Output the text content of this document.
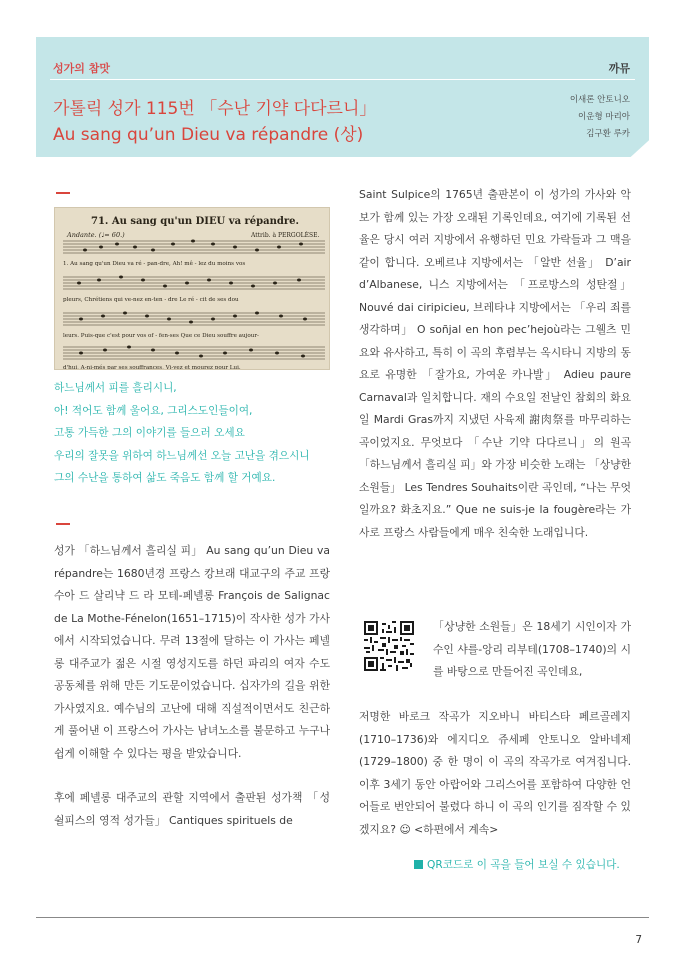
성가의 참맛	까뮤
가톨릭 성가 115번 「수난 기약 다다르니」
Au sang qu’un Dieu va répandre (상)
이새론 안토니오
이운형 마리아
김구환 루카
71. Au sang qu'un DIEU va répandre.
Andante. (♩= 60.)	Attrib. à PERGOLÈSE.
1. Au sang qu'un Dieu va ré - pan-dre, Ah! mê - lez du moins vos
pleurs, Chrétiens qui ve-nez en-ten - dre Le ré - cit de ses dou
leurs. Puis-que c'est pour vos of - fen-ses Que ce Dieu souffre aujour-
d'hui, A-ni-més par ses souffrances, Vi-vez et mourez pour Lui.
하느님께서 피를 흘리시니,
아! 적어도 함께 울어요, 그리스도인들이여,
고통 가득한 그의 이야기를 들으러 오세요
우리의 잘못을 위하여 하느님께선 오늘 고난을 겪으시니
그의 수난을 통하여 삶도 죽음도 함께 할 거예요.

성가 「하느님께서 흘리실 피」 Au sang qu’un Dieu va répandre는 1680년경 프랑스 캉브래 대교구의 주교 프랑수아 드 살리냑 드 라 모테-페넬롱 François de Salignac de La Mothe-Fénelon(1651–1715)이 작사한 성가 가사에서 시작되었습니다. 무려 13절에 달하는 이 가사는 페넬롱 대주교가 젊은 시절 영성지도를 하던 파리의 여자 수도공동체를 위해 만든 기도문이었습니다. 십자가의 길을 위한 가사였지요. 예수님의 고난에 대해 직설적이면서도 친근하게 풀어낸 이 프랑스어 가사는 남녀노소를 불문하고 누구나 쉽게 이해할 수 있다는 평을 받았습니다.

후에 페넬롱 대주교의 관할 지역에서 출판된 성가책 「성 쉴피스의 영적 성가들」 Cantiques spirituels de

Saint Sulpice의 1765년 출판본이 이 성가의 가사와 악보가 함께 있는 가장 오래된 기록인데요, 여기에 기록된 선율은 당시 여러 지방에서 유행하던 민요 가락들과 그 맥을 같이 합니다. 오베르냐 지방에서는 「알반 선율」 D’air d’Albanese, 니스 지방에서는 「프로방스의 성탄절」 Nouvé dai ciripicieu, 브레타냐 지방에서는 「우리 죄를 생각하며」 O soñjal en hon pec’hejoù라는 그웰츠 민요와 유사하고, 특히 이 곡의 후렴부는 옥시타니 지방의 동요로 유명한 「잘가요, 가여운 카나발」 Adieu paure Carnaval과 일치합니다. 재의 수요일 전날인 참회의 화요일 Mardi Gras까지 지냈던 사육제 謝肉祭를 마무리하는 곡이었지요. 무엇보다 「수난 기약 다다르니」의 원곡 「하느님께서 흘리실 피」와 가장 비슷한 노래는 「상냥한 소원들」 Les Tendres Souhaits이란 곡인데, “나는 무엇일까요? 화초지요.” Que ne suis-je la fougère라는 가사로 프랑스 사람들에게 매우 친숙한 노래입니다.

「상냥한 소원들」은 18세기 시인이자 가수인 샤를-앙리 리부테(1708–1740)의 시를 바탕으로 만들어진 곡인데요,

저명한 바로크 작곡가 지오바니 바티스타 페르골레지(1710–1736)와 에지디오 쥬세페 안토니오 알바네제(1729–1800) 중 한 명이 이 곡의 작곡가로 여겨집니다. 이후 3세기 동안 아랍어와 그리스어를 포함하여 다양한 언어들로 번안되어 불렸다 하니 이 곡의 인기를 짐작할 수 있겠지요? ☺ <하편에서 계속>

QR코드로 이 곡을 들어 보실 수 있습니다.
7
